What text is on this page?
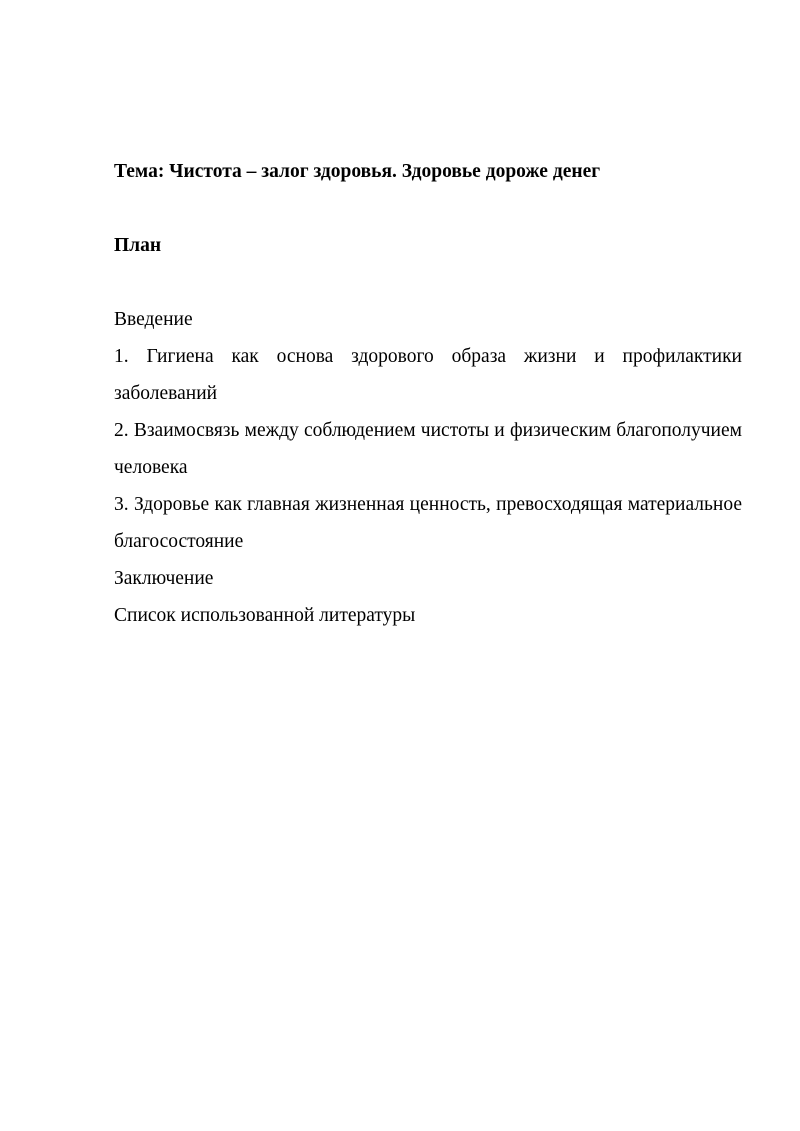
Тема: Чистота – залог здоровья. Здоровье дороже денег

План

Введение

1. Гигиена как основа здорового образа жизни и профилактики заболеваний

2. Взаимосвязь между соблюдением чистоты и физическим благополучием человека

3. Здоровье как главная жизненная ценность, превосходящая материальное благосостояние

Заключение

Список использованной литературы
